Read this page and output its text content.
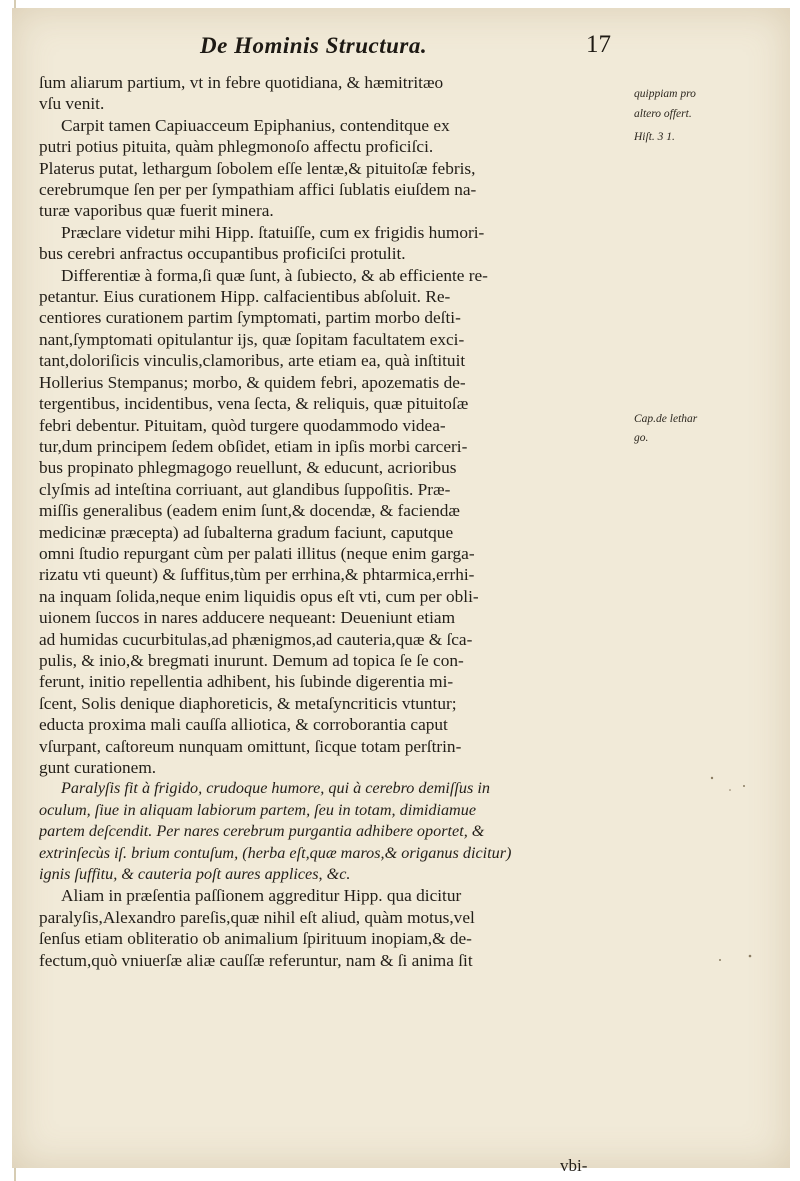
De Hominis Structura.	17
ſum aliarum partium, vt in febre quotidiana, & hæmitritæo
vſu venit.
Carpit tamen Capiuacceum Epiphanius, contenditque ex
putri potius pituita, quàm phlegmonoſo affectu proficiſci.
Platerus putat, lethargum ſobolem eſſe lentæ,& pituitoſæ febris,
cerebrumque ſen per per ſympathiam affici ſublatis eiuſdem na-
turæ vaporibus quæ fuerit minera.
Præclare videtur mihi Hipp. ſtatuiſſe, cum ex frigidis humori-
bus cerebri anfractus occupantibus proficiſci protulit.
Differentiæ à forma,ſi quæ ſunt, à ſubiecto, & ab efficiente re-
petantur. Eius curationem Hipp. calfacientibus abſoluit. Re-
centiores curationem partim ſymptomati, partim morbo deſti-
nant,ſymptomati opitulantur ijs, quæ ſopitam facultatem exci-
tant,doloriſicis vinculis,clamoribus, arte etiam ea, quà inſtituit
Hollerius Stempanus; morbo, & quidem febri, apozematis de-
tergentibus, incidentibus, vena ſecta, & reliquis, quæ pituitoſæ
febri debentur. Pituitam, quòd turgere quodammodo videa-
tur,dum principem ſedem obſidet, etiam in ipſis morbi carceri-
bus propinato phlegmagogo reuellunt, & educunt, acrioribus
clyſmis ad inteſtina corriuant, aut glandibus ſuppoſitis. Præ-
miſſis generalibus (eadem enim ſunt,& docendæ, & faciendæ
medicinæ præcepta) ad ſubalterna gradum faciunt, caputque
omni ſtudio repurgant cùm per palati illitus (neque enim garga-
rizatu vti queunt) & ſuffitus,tùm per errhina,& phtarmica,errhi-
na inquam ſolida,neque enim liquidis opus eſt vti, cum per obli-
uionem ſuccos in nares adducere nequeant: Deueniunt etiam
ad humidas cucurbitulas,ad phænigmos,ad cauteria,quæ & ſca-
pulis, & inio,& bregmati inurunt. Demum ad topica ſe ſe con-
ferunt, initio repellentia adhibent, his ſubinde digerentia mi-
ſcent, Solis denique diaphoreticis, & metaſyncriticis vtuntur;
educta proxima mali cauſſa alliotica, & corroborantia caput
vſurpant, caſtoreum nunquam omittunt, ſicque totam perſtrin-
gunt curationem.
Paralyſis fit à frigido, crudoque humore, qui à cerebro demiſſus in
oculum, ſiue in aliquam labiorum partem, ſeu in totam, dimidiamue
partem deſcendit. Per nares cerebrum purgantia adhibere oportet, &
extrinſecùs iſ. brium contuſum, (herba eſt,quæ maros,& origanus dicitur)
ignis ſuffitu, & cauteria poſt aures applices, &c.
Aliam in præſentia paſſionem aggreditur Hipp. qua dicitur
paralyſis,Alexandro pareſis,quæ nihil eſt aliud, quàm motus,vel
ſenſus etiam obliteratio ob animalium ſpirituum inopiam,& de-
fectum,quò vniuerſæ aliæ cauſſæ referuntur, nam & ſi anima ſit
quippiam pro
altero offert.
Hiſt. 3 1.
Cap.de lethar
go.
vbi-
